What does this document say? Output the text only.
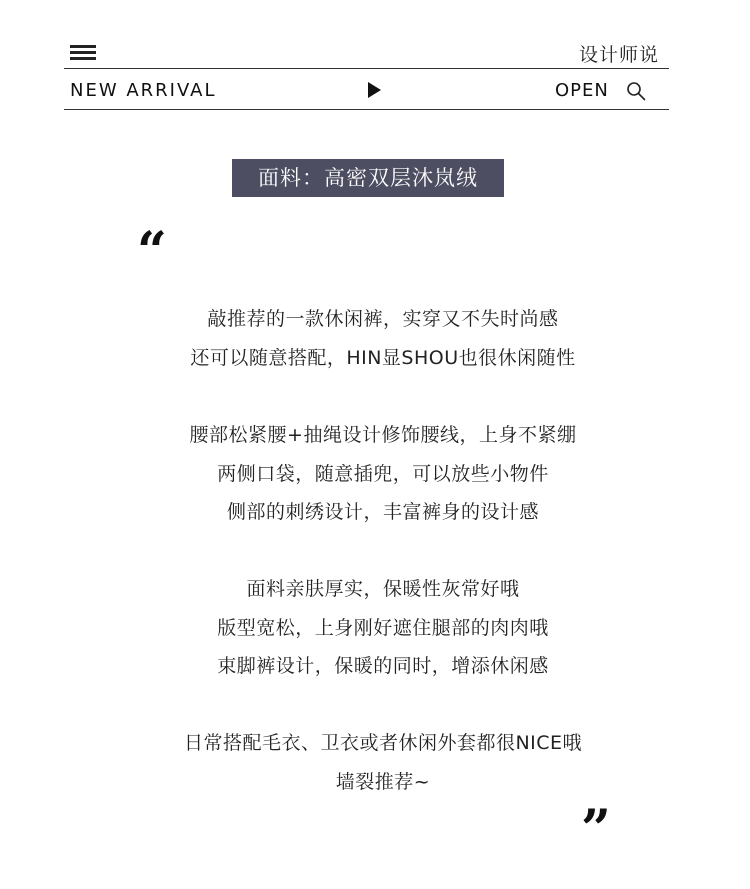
设计师说
NEW ARRIVAL	OPEN
面料：高密双层沐岚绒
“
敲推荐的一款休闲裤，实穿又不失时尚感
还可以随意搭配，HIN显SHOU也很休闲随性
腰部松紧腰+抽绳设计修饰腰线，上身不紧绷
两侧口袋，随意插兜，可以放些小物件
侧部的刺绣设计，丰富裤身的设计感
面料亲肤厚实，保暖性灰常好哦
版型宽松，上身刚好遮住腿部的肉肉哦
束脚裤设计，保暖的同时，增添休闲感
日常搭配毛衣、卫衣或者休闲外套都很NICE哦
墙裂推荐~
”
